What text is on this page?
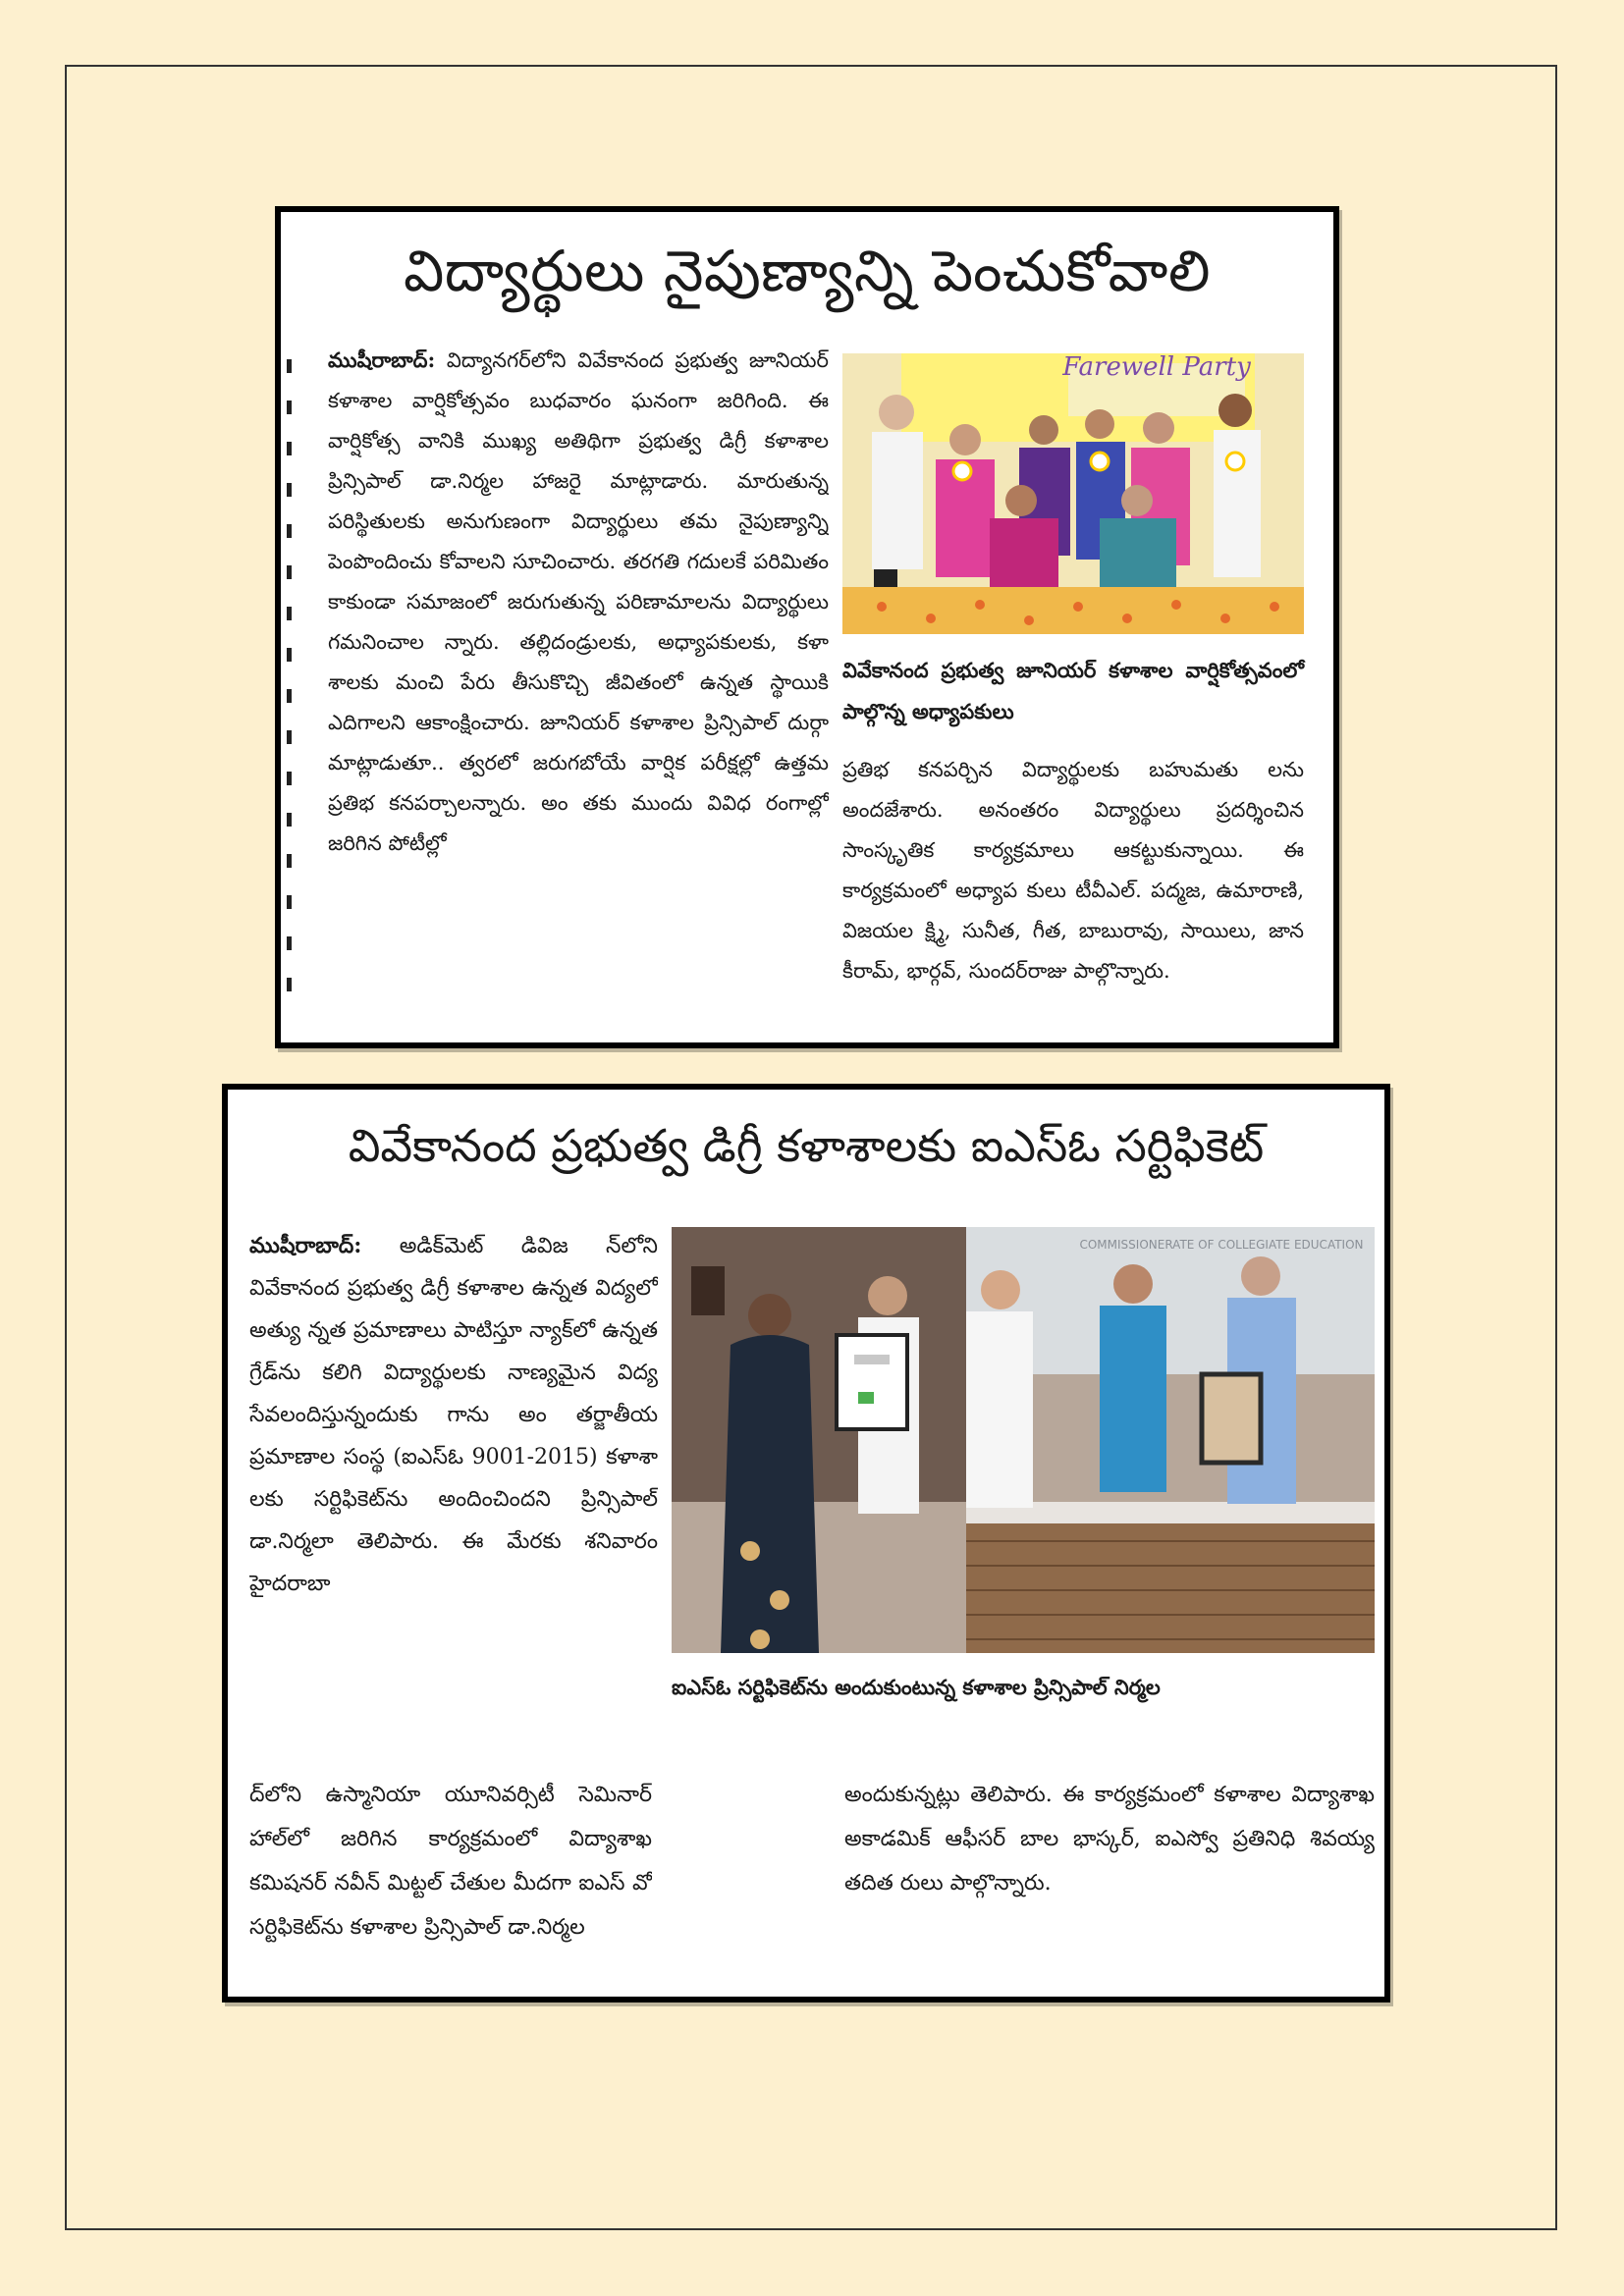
విద్యార్థులు నైపుణ్యాన్ని పెంచుకోవాలి
ముషీరాబాద్: విద్యానగర్‌లోని వివేకానంద ప్రభుత్వ జూనియర్ కళాశాల వార్షికోత్సవం బుధవారం ఘనంగా జరిగింది. ఈ వార్షికోత్స వానికి ముఖ్య అతిథిగా ప్రభుత్వ డిగ్రీ కళాశాల ప్రిన్సిపాల్ డా.నిర్మల హాజరై మాట్లాడారు. మారుతున్న పరిస్థితులకు అనుగుణంగా విద్యార్థులు తమ నైపుణ్యాన్ని పెంపొందించు కోవాలని సూచించారు. తరగతి గదులకే పరిమితం కాకుండా సమాజంలో జరుగుతున్న పరిణామాలను విద్యార్థులు గమనించాల న్నారు. తల్లిదండ్రులకు, అధ్యాపకులకు, కళా శాలకు మంచి పేరు తీసుకొచ్చి జీవితంలో ఉన్నత స్థాయికి ఎదిగాలని ఆకాంక్షించారు. జూనియర్ కళాశాల ప్రిన్సిపాల్ దుర్గా మాట్లాడుతూ.. త్వరలో జరుగబోయే వార్షిక పరీక్షల్లో ఉత్తమ ప్రతిభ కనపర్చాలన్నారు. అం తకు ముందు వివిధ రంగాల్లో జరిగిన పోటీల్లో
Farewell Party
వివేకానంద ప్రభుత్వ జూనియర్ కళాశాల వార్షికోత్సవంలో పాల్గొన్న అధ్యాపకులు
ప్రతిభ కనపర్చిన విద్యార్థులకు బహుమతు లను అందజేశారు. అనంతరం విద్యార్థులు ప్రదర్శించిన సాంస్కృతిక కార్యక్రమాలు ఆకట్టుకున్నాయి. ఈ కార్యక్రమంలో అధ్యాప కులు టీవీఎల్. పద్మజ, ఉమారాణి, విజయల క్ష్మి, సునీత, గీత, బాబురావు, సాయిలు, జాన కీరామ్, భార్గవ్, సుందర్‌రాజు పాల్గొన్నారు.
వివేకానంద ప్రభుత్వ డిగ్రీ కళాశాలకు ఐఎస్ఓ సర్టిఫికెట్
ముషీరాబాద్: అడిక్‌మెట్ డివిజ న్‌లోని వివేకానంద ప్రభుత్వ డిగ్రీ కళాశాల ఉన్నత విద్యలో అత్యు న్నత ప్రమాణాలు పాటిస్తూ న్యాక్‌లో ఉన్నత గ్రేడ్‌ను కలిగి విద్యార్థులకు నాణ్యమైన విద్య సేవలందిస్తున్నందుకు గాను అం తర్జాతీయ ప్రమాణాల సంస్థ (ఐఎస్ఓ 9001-2015) కళాశా లకు సర్టిఫికెట్‌ను అందించిందని ప్రిన్సిపాల్ డా.నిర్మలా తెలిపారు. ఈ మేరకు శనివారం హైదరాబా
COMMISSIONERATE OF COLLEGIATE EDUCATION
ఐఎస్ఓ సర్టిఫికెట్‌ను అందుకుంటున్న కళాశాల ప్రిన్సిపాల్ నిర్మల
ద్‌లోని ఉస్మానియా యూనివర్సిటీ సెమినార్ హాల్‌లో జరిగిన కార్యక్రమంలో విద్యాశాఖ కమిషనర్ నవీన్ మిట్టల్ చేతుల మీదగా ఐఎస్ వో సర్టిఫికెట్‌ను కళాశాల ప్రిన్సిపాల్ డా.నిర్మల
అందుకున్నట్లు తెలిపారు. ఈ కార్యక్రమంలో కళాశాల విద్యాశాఖ అకాడమిక్ ఆఫీసర్ బాల భాస్కర్, ఐఎస్వో ప్రతినిధి శివయ్య తదిత రులు పాల్గొన్నారు.
